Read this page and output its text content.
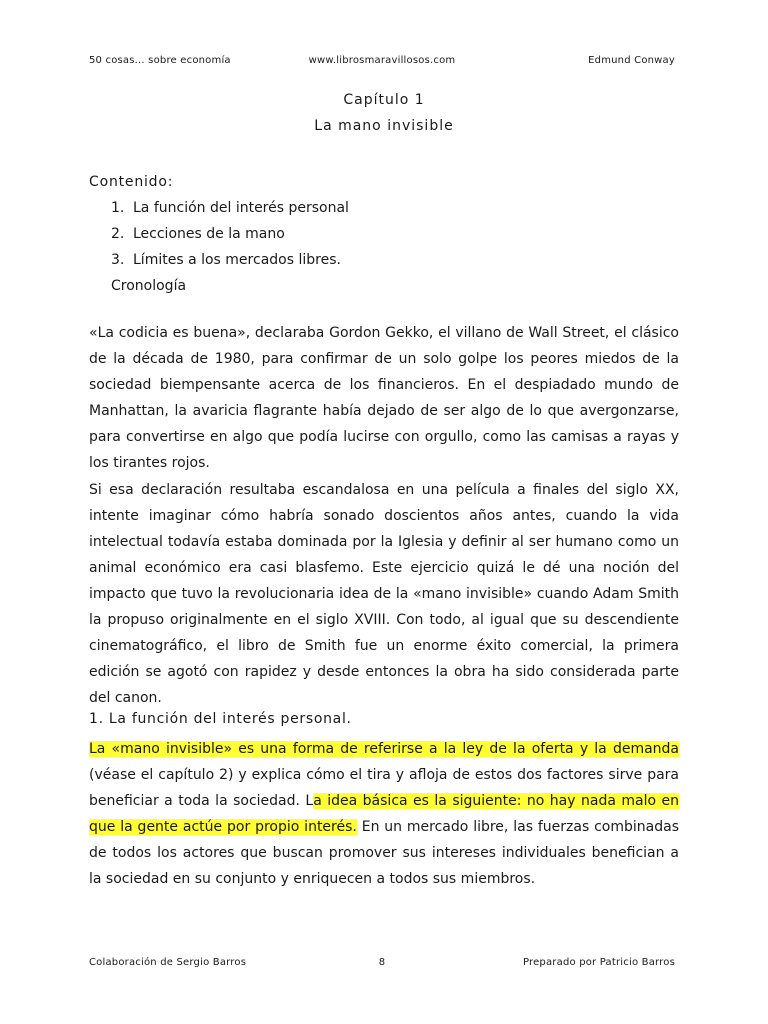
50 cosas... sobre economía	www.librosmaravillosos.com	Edmund Conway
Capítulo 1
La mano invisible
Contenido:
1. La función del interés personal
2. Lecciones de la mano
3. Límites a los mercados libres.
Cronología

«La codicia es buena», declaraba Gordon Gekko, el villano de Wall Street, el clásico de la década de 1980, para confirmar de un solo golpe los peores miedos de la sociedad biempensante acerca de los financieros. En el despiadado mundo de Manhattan, la avaricia flagrante había dejado de ser algo de lo que avergonzarse, para convertirse en algo que podía lucirse con orgullo, como las camisas a rayas y los tirantes rojos.

Si esa declaración resultaba escandalosa en una película a finales del siglo XX, intente imaginar cómo habría sonado doscientos años antes, cuando la vida intelectual todavía estaba dominada por la Iglesia y definir al ser humano como un animal económico era casi blasfemo. Este ejercicio quizá le dé una noción del impacto que tuvo la revolucionaria idea de la «mano invisible» cuando Adam Smith la propuso originalmente en el siglo XVIII. Con todo, al igual que su descendiente cinematográfico, el libro de Smith fue un enorme éxito comercial, la primera edición se agotó con rapidez y desde entonces la obra ha sido considerada parte del canon.

1. La función del interés personal.

La «mano invisible» es una forma de referirse a la ley de la oferta y la demanda (véase el capítulo 2) y explica cómo el tira y afloja de estos dos factores sirve para beneficiar a toda la sociedad. La idea básica es la siguiente: no hay nada malo en que la gente actúe por propio interés. En un mercado libre, las fuerzas combinadas de todos los actores que buscan promover sus intereses individuales benefician a la sociedad en su conjunto y enriquecen a todos sus miembros.

Colaboración de Sergio Barros	8	Preparado por Patricio Barros
